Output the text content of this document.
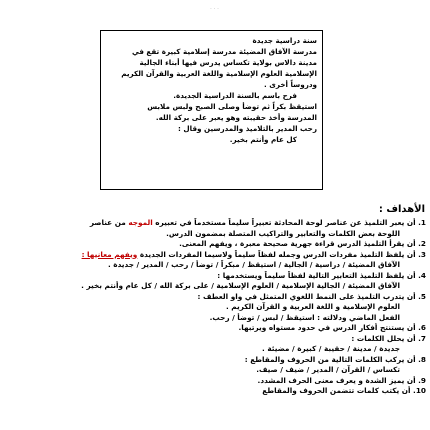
...

سنة دراسية جديدة

مدرسة الآفاق المضيئة مدرسة إسلامية كبيرة تقع في

مدينة دالاس بولاية تكساس يدرس فيها أبناء الجالية

الإسلامية العلوم الإسلامية واللغة العربية والقرآن الكريم

ودروساً أخرى .

فرح باسم بالسنة الدراسية الجديدة.

استيقظ بكراً ثم توضأ وصلى الصبح ولبس ملابس

المدرسة وأخذ حقيبته وهو يعبر على بركة الله.

رحب المدير بالتلاميذ والمدرسين وقال :

كل عام وأنتم بخير.

الأهداف :
1. أن يعبر التلميذ عن عناصر لوحة المحادثة تعبيراً سليماً مستخدماً في تعبيره الموجه من عناصر
اللوحة بعض الكلمات والتعابير والتراكيب المتصلة بمضمون الدرس.
2. أن يقرأ التلميذ الدرس قراءة جهرية صحيحة معبرة ، ويفهم المعنى.
3. أن يلفظ التلميذ مفردات الدرس وجمله لفظاً سليماً ولاسيما المفردات الجديدة ويفهم معانيها :
الآفاق المضيئة / دراسية / الجالية / استيقظ / مبكراً / توضأ / رحب / المدير / جديدة .
4. أن يلفظ التلميذ التعابير التالية لفظاً سليماً ويستخدمها :
الآفاق المضيئة / الجالية الإسلامية / العلوم الإسلامية / على بركة الله / كل عام وأنتم بخير .
5. أن يتدرب التلميذ على النمط اللغوي المتمثل في واو العطف :
العلوم الإسلامية و اللغة العربية و القرآن الكريم .
الفعل الماضي ودلالته : استيقظ / لبس / توضأ / رحب.
6. أن يستنتج أفكار الدرس في حدود مستواه ويرتبها.
7. أن يحلل الكلمات :
جديدة / مدينة / حقيبة / كبيرة / مضيئة .
8. أن يركب الكلمات التالية من الحروف والمقاطع :
تكساس / القرآن / المدير / ضيف / صيف.
9. أن يميز الشدة و يعرف معنى الحرف المشدد.
10. أن يكتب كلمات تتضمن الحروف والمقاطع
